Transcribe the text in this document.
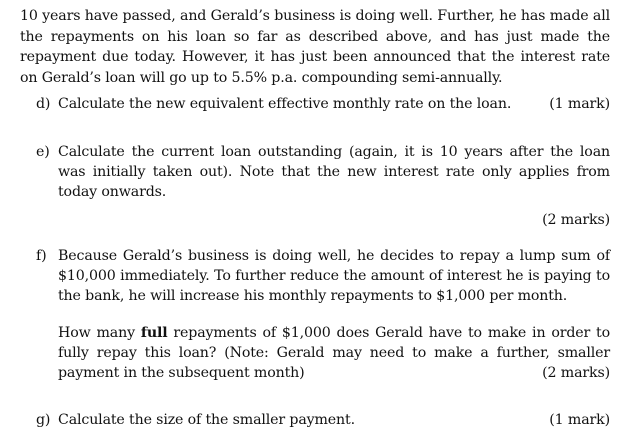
10 years have passed, and Gerald’s business is doing well. Further, he has made all the repayments on his loan so far as described above, and has just made the repayment due today. However, it has just been announced that the interest rate on Gerald’s loan will go up to 5.5% p.a. compounding semi-annually.
d) Calculate the new equivalent effective monthly rate on the loan.	(1 mark)
e) Calculate the current loan outstanding (again, it is 10 years after the loan was initially taken out). Note that the new interest rate only applies from today onwards.
(2 marks)
f) Because Gerald’s business is doing well, he decides to repay a lump sum of $10,000 immediately. To further reduce the amount of interest he is paying to the bank, he will increase his monthly repayments to $1,000 per month.
How many full repayments of $1,000 does Gerald have to make in order to fully repay this loan? (Note: Gerald may need to make a further, smaller payment in the subsequent month)	(2 marks)
g) Calculate the size of the smaller payment.	(1 mark)
